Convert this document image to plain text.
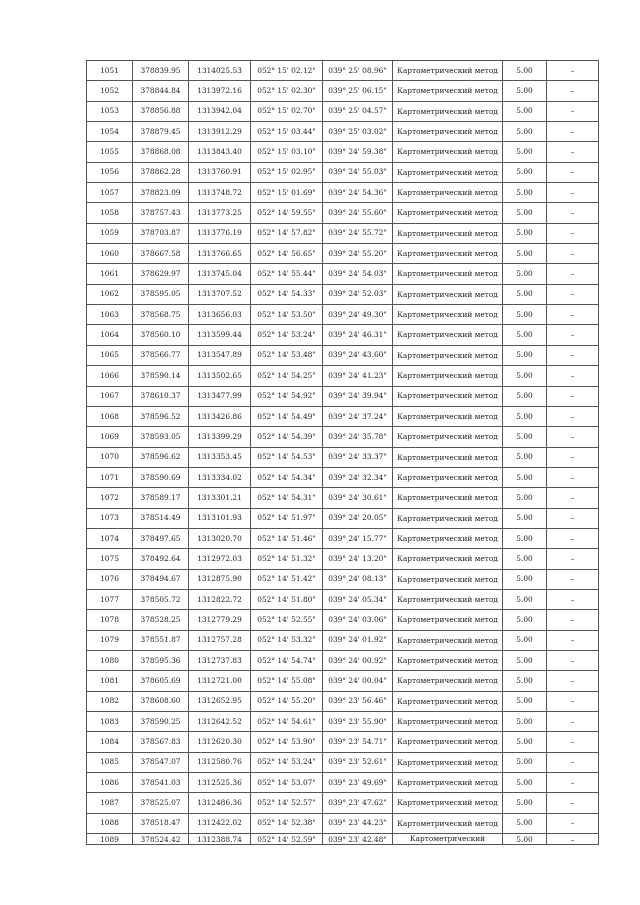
1051	378839.95	1314025.53	052° 15' 02.12"	039° 25' 08.96"	Картометрический метод	5.00	–
1052	378844.84	1313972.16	052° 15' 02.30"	039° 25' 06.15"	Картометрический метод	5.00	–
1053	378856.88	1313942.04	052° 15' 02.70"	039° 25' 04.57"	Картометрический метод	5.00	–
1054	378879.45	1313912.29	052° 15' 03.44"	039° 25' 03.02"	Картометрический метод	5.00	–
1055	378868.08	1313843.40	052° 15' 03.10"	039° 24' 59.38"	Картометрический метод	5.00	–
1056	378862.28	1313760.91	052° 15' 02.95"	039° 24' 55.03"	Картометрический метод	5.00	–
1057	378823.09	1313748.72	052° 15' 01.69"	039° 24' 54.36"	Картометрический метод	5.00	–
1058	378757.43	1313773.25	052° 14' 59.55"	039° 24' 55.60"	Картометрический метод	5.00	–
1059	378703.87	1313776.19	052° 14' 57.82"	039° 24' 55.72"	Картометрический метод	5.00	–
1060	378667.58	1313766.65	052° 14' 56.65"	039° 24' 55.20"	Картометрический метод	5.00	–
1061	378629.97	1313745.04	052° 14' 55.44"	039° 24' 54.03"	Картометрический метод	5.00	–
1062	378595.05	1313707.52	052° 14' 54.33"	039° 24' 52.03"	Картометрический метод	5.00	–
1063	378568.75	1313656.03	052° 14' 53.50"	039° 24' 49.30"	Картометрический метод	5.00	–
1064	378560.10	1313599.44	052° 14' 53.24"	039° 24' 46.31"	Картометрический метод	5.00	–
1065	378566.77	1313547.89	052° 14' 53.48"	039° 24' 43.60"	Картометрический метод	5.00	–
1066	378590.14	1313502.65	052° 14' 54.25"	039° 24' 41.23"	Картометрический метод	5.00	–
1067	378610.37	1313477.99	052° 14' 54.92"	039° 24' 39.94"	Картометрический метод	5.00	–
1068	378596.52	1313426.86	052° 14' 54.49"	039° 24' 37.24"	Картометрический метод	5.00	–
1069	378593.05	1313399.29	052° 14' 54.39"	039° 24' 35.78"	Картометрический метод	5.00	–
1070	378596.62	1313353.45	052° 14' 54.53"	039° 24' 33.37"	Картометрический метод	5.00	–
1071	378590.69	1313334.02	052° 14' 54.34"	039° 24' 32.34"	Картометрический метод	5.00	–
1072	378589.17	1313301.21	052° 14' 54.31"	039° 24' 30.61"	Картометрический метод	5.00	–
1073	378514.49	1313101.93	052° 14' 51.97"	039° 24' 20.05"	Картометрический метод	5.00	–
1074	378497.65	1313020.70	052° 14' 51.46"	039° 24' 15.77"	Картометрический метод	5.00	–
1075	378492.64	1312972.03	052° 14' 51.32"	039° 24' 13.20"	Картометрический метод	5.00	–
1076	378494.67	1312875.90	052° 14' 51.42"	039° 24' 08.13"	Картометрический метод	5.00	–
1077	378505.72	1312822.72	052° 14' 51.80"	039° 24' 05.34"	Картометрический метод	5.00	–
1078	378528.25	1312779.29	052° 14' 52.55"	039° 24' 03.06"	Картометрический метод	5.00	–
1079	378551.87	1312757.28	052° 14' 53.32"	039° 24' 01.92"	Картометрический метод	5.00	–
1080	378595.36	1312737.83	052° 14' 54.74"	039° 24' 00.92"	Картометрический метод	5.00	–
1081	378605.69	1312721.00	052° 14' 55.08"	039° 24' 00.04"	Картометрический метод	5.00	–
1082	378608.60	1312652.95	052° 14' 55.20"	039° 23' 56.46"	Картометрический метод	5.00	–
1083	378590.25	1312642.52	052° 14' 54.61"	039° 23' 55.90"	Картометрический метод	5.00	–
1084	378567.83	1312620.30	052° 14' 53.90"	039° 23' 54.71"	Картометрический метод	5.00	–
1085	378547.07	1312580.76	052° 14' 53.24"	039° 23' 52.61"	Картометрический метод	5.00	–
1086	378541.03	1312525.36	052° 14' 53.07"	039° 23' 49.69"	Картометрический метод	5.00	–
1087	378525.07	1312486.36	052° 14' 52.57"	039° 23' 47.62"	Картометрический метод	5.00	–
1088	378518.47	1312422.02	052° 14' 52.38"	039° 23' 44.23"	Картометрический метод	5.00	–
1089	378524.42	1312388.74	052° 14' 52.59"	039° 23' 42.48"	Картометрический	5.00	–
